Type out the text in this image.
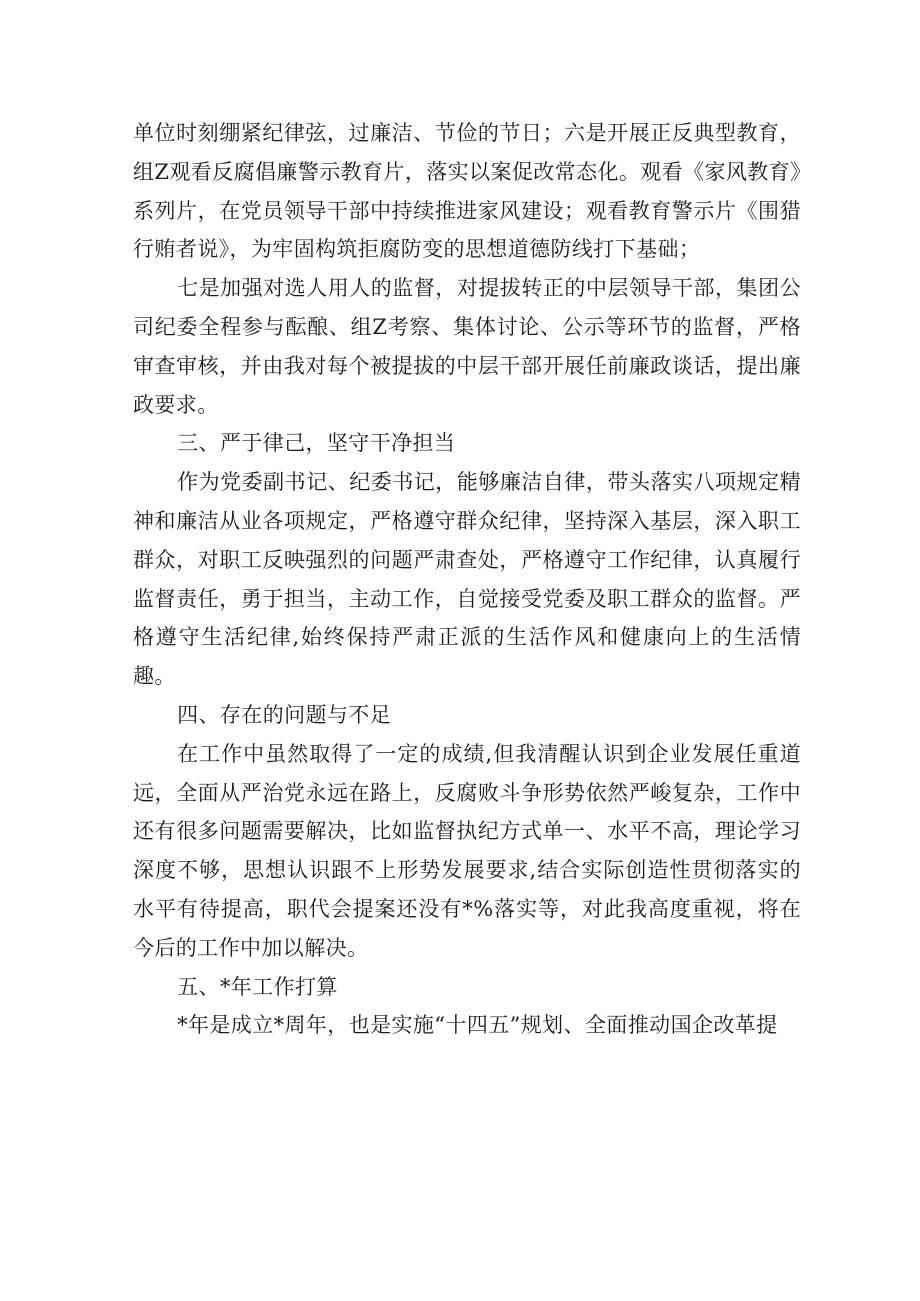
单位时刻绷紧纪律弦，过廉洁、节俭的节日；六是开展正反典型教育，组Z观看反腐倡廉警示教育片，落实以案促改常态化。观看《家风教育》系列片，在党员领导干部中持续推进家风建设；观看教育警示片《围猎行贿者说》，为牢固构筑拒腐防变的思想道德防线打下基础；

七是加强对选人用人的监督，对提拔转正的中层领导干部，集团公司纪委全程参与酝酿、组Z考察、集体讨论、公示等环节的监督，严格审查审核，并由我对每个被提拔的中层干部开展任前廉政谈话，提出廉政要求。

三、严于律己，坚守干净担当

作为党委副书记、纪委书记，能够廉洁自律，带头落实八项规定精神和廉洁从业各项规定，严格遵守群众纪律，坚持深入基层，深入职工群众，对职工反映强烈的问题严肃查处，严格遵守工作纪律，认真履行监督责任，勇于担当，主动工作，自觉接受党委及职工群众的监督。严格遵守生活纪律,始终保持严肃正派的生活作风和健康向上的生活情趣。

四、存在的问题与不足

在工作中虽然取得了一定的成绩,但我清醒认识到企业发展任重道远，全面从严治党永远在路上，反腐败斗争形势依然严峻复杂，工作中还有很多问题需要解决，比如监督执纪方式单一、水平不高，理论学习深度不够，思想认识跟不上形势发展要求,结合实际创造性贯彻落实的水平有待提高，职代会提案还没有*%落实等，对此我高度重视，将在今后的工作中加以解决。

五、*年工作打算

*年是成立*周年，也是实施“十四五”规划、全面推动国企改革提
